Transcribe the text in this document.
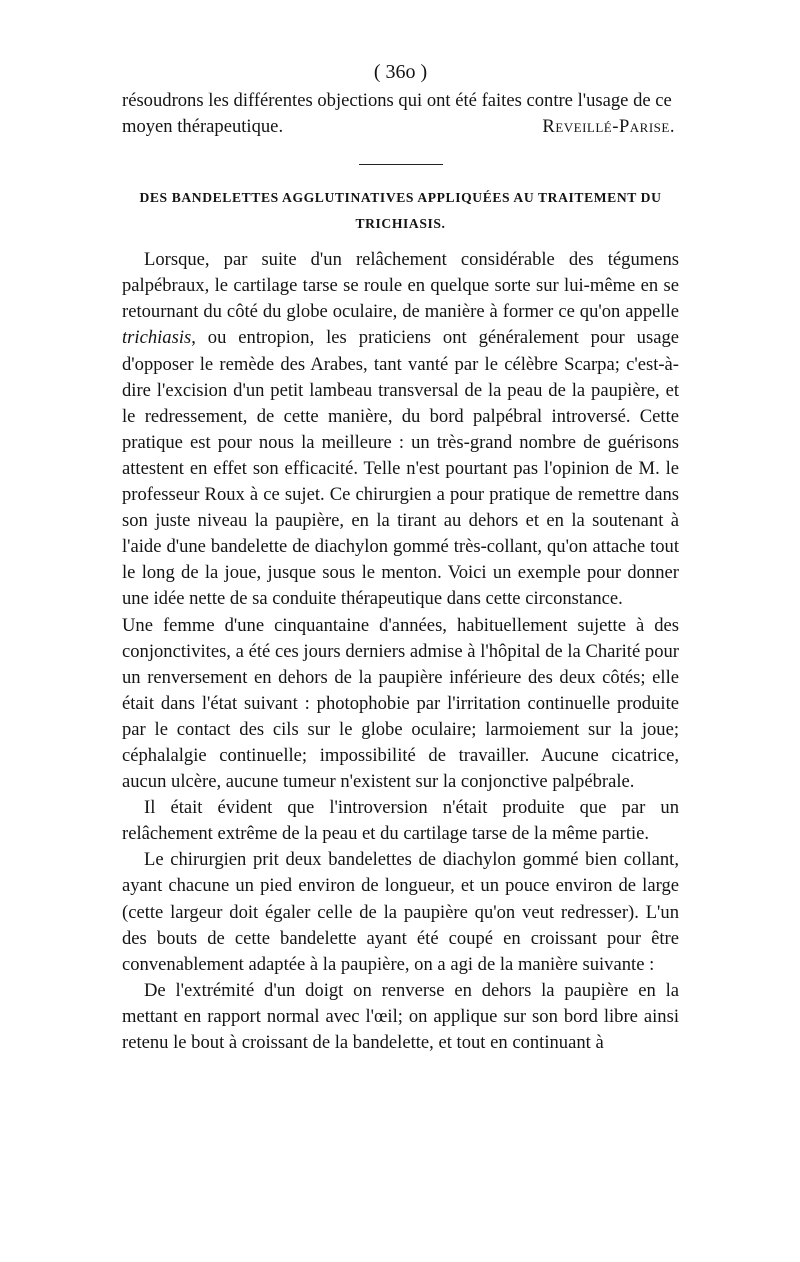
( 36o )

résoudrons les différentes objections qui ont été faites contre l'usage de ce

moyen thérapeutique.	Reveillé-Parise.
DES BANDELETTES AGGLUTINATIVES APPLIQUÉES AU TRAITEMENT DU TRICHIASIS.

Lorsque, par suite d'un relâchement considérable des tégumens palpébraux, le cartilage tarse se roule en quelque sorte sur lui-même en se retournant du côté du globe oculaire, de manière à former ce qu'on appelle trichiasis, ou entropion, les praticiens ont généralement pour usage d'opposer le remède des Arabes, tant vanté par le célèbre Scarpa; c'est-à-dire l'excision d'un petit lambeau transversal de la peau de la paupière, et le redressement, de cette manière, du bord palpébral introversé. Cette pratique est pour nous la meilleure : un très-grand nombre de guérisons attestent en effet son efficacité. Telle n'est pourtant pas l'opinion de M. le professeur Roux à ce sujet. Ce chirurgien a pour pratique de remettre dans son juste niveau la paupière, en la tirant au dehors et en la soutenant à l'aide d'une bandelette de diachylon gommé très-collant, qu'on attache tout le long de la joue, jusque sous le menton. Voici un exemple pour donner une idée nette de sa conduite thérapeutique dans cette circonstance.

Une femme d'une cinquantaine d'années, habituellement sujette à des conjonctivites, a été ces jours derniers admise à l'hôpital de la Charité pour un renversement en dehors de la paupière inférieure des deux côtés; elle était dans l'état suivant : photophobie par l'irritation continuelle produite par le contact des cils sur le globe oculaire; larmoiement sur la joue; céphalalgie continuelle; impossibilité de travailler. Aucune cicatrice, aucun ulcère, aucune tumeur n'existent sur la conjonctive palpébrale.

Il était évident que l'introversion n'était produite que par un relâchement extrême de la peau et du cartilage tarse de la même partie.

Le chirurgien prit deux bandelettes de diachylon gommé bien collant, ayant chacune un pied environ de longueur, et un pouce environ de large (cette largeur doit égaler celle de la paupière qu'on veut redresser). L'un des bouts de cette bandelette ayant été coupé en croissant pour être convenablement adaptée à la paupière, on a agi de la manière suivante :

De l'extrémité d'un doigt on renverse en dehors la paupière en la mettant en rapport normal avec l'œil; on applique sur son bord libre ainsi retenu le bout à croissant de la bandelette, et tout en continuant à
